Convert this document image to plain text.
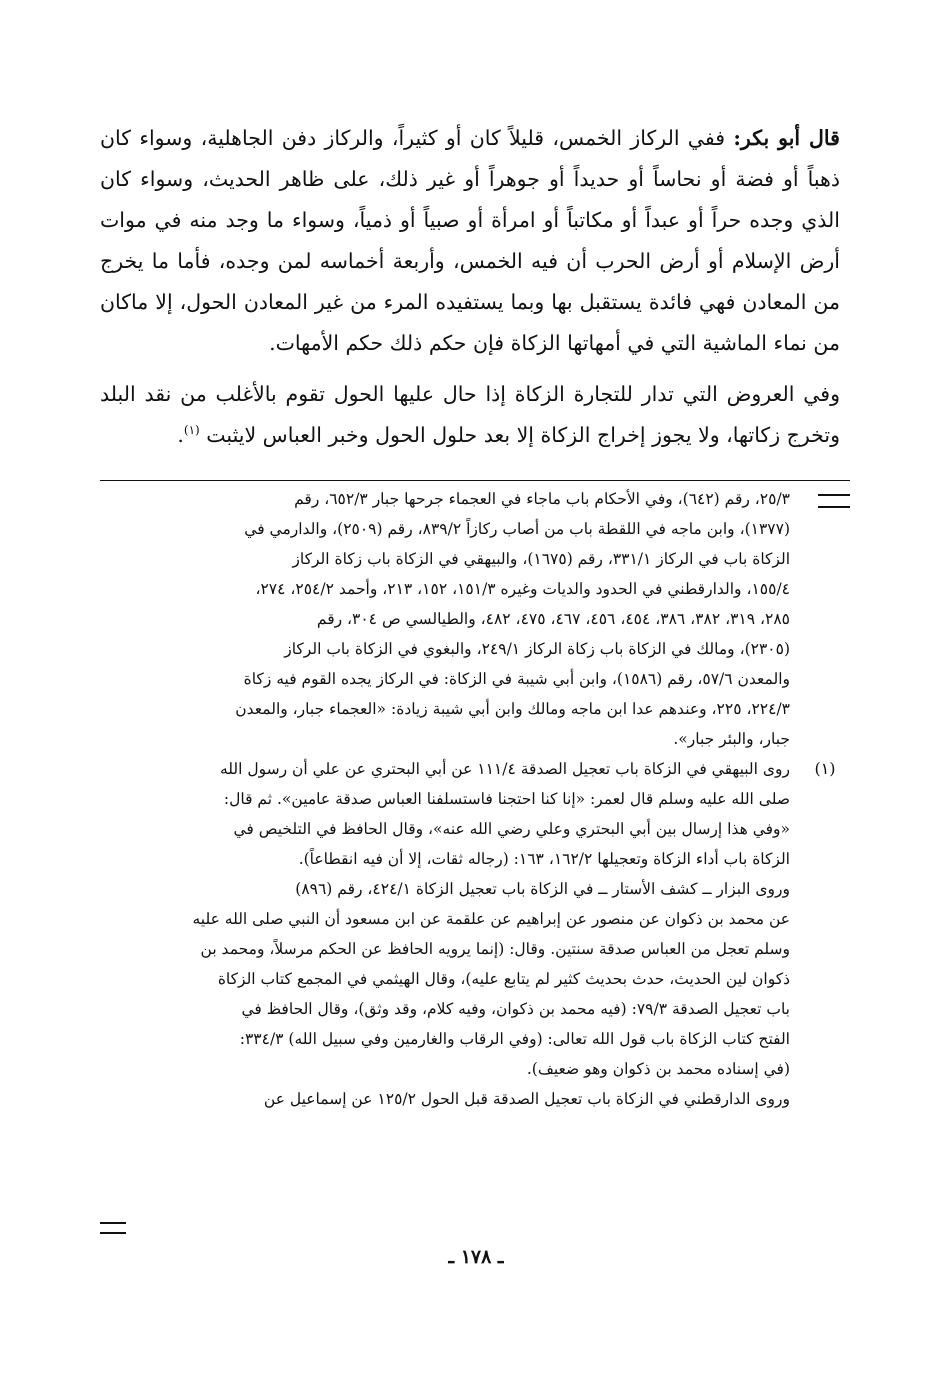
قال أبو بكر: ففي الركاز الخمس، قليلاً كان أو كثيراً، والركاز دفن الجاهلية، وسواء كان ذهباً أو فضة أو نحاساً أو حديداً أو جوهراً أو غير ذلك، على ظاهر الحديث، وسواء كان الذي وجده حراً أو عبداً أو مكاتباً أو امرأة أو صبياً أو ذمياً، وسواء ما وجد منه في موات أرض الإسلام أو أرض الحرب أن فيه الخمس، وأربعة أخماسه لمن وجده، فأما ما يخرج من المعادن فهي فائدة يستقبل بها وبما يستفيده المرء من غير المعادن الحول، إلا ماكان من نماء الماشية التي في أمهاتها الزكاة فإن حكم ذلك حكم الأمهات.

وفي العروض التي تدار للتجارة الزكاة إذا حال عليها الحول تقوم بالأغلب من نقد البلد وتخرج زكاتها، ولا يجوز إخراج الزكاة إلا بعد حلول الحول وخبر العباس لايثبت $^{(١)}$.

٢٥/٣، رقم (٦٤٢)، وفي الأحكام باب ماجاء في العجماء جرحها جبار ٦٥٢/٣، رقم
(١٣٧٧)، وابن ماجه في اللقطة باب من أصاب ركازاً ٨٣٩/٢، رقم (٢٥٠٩)، والدارمي في
الزكاة باب في الركاز ٣٣١/١، رقم (١٦٧٥)، والبيهقي في الزكاة باب زكاة الركاز
١٥٥/٤، والدارقطني في الحدود والديات وغيره ١٥١/٣، ١٥٢، ٢١٣، وأحمد ٢٥٤/٢، ٢٧٤،
٢٨٥، ٣١٩، ٣٨٢، ٣٨٦، ٤٥٤، ٤٥٦، ٤٦٧، ٤٧٥، ٤٨٢، والطيالسي ص ٣٠٤، رقم
(٢٣٠٥)، ومالك في الزكاة باب زكاة الركاز ٢٤٩/١، والبغوي في الزكاة باب الركاز
والمعدن ٥٧/٦، رقم (١٥٨٦)، وابن أبي شيبة في الزكاة: في الركاز يجده القوم فيه زكاة
٢٢٤/٣، ٢٢٥، وعندهم عدا ابن ماجه ومالك وابن أبي شيبة زيادة: «العجماء جبار، والمعدن
جبار، والبئر جبار».
(١)
روى البيهقي في الزكاة باب تعجيل الصدقة ١١١/٤ عن أبي البحتري عن علي أن رسول الله
صلى الله عليه وسلم قال لعمر: «إنا كنا احتجنا فاستسلفنا العباس صدقة عامين». ثم قال:
«وفي هذا إرسال بين أبي البحتري وعلي رضي الله عنه»، وقال الحافظ في التلخيص في
الزكاة باب أداء الزكاة وتعجيلها ١٦٢/٢، ١٦٣: (رجاله ثقات، إلا أن فيه انقطاعاً).
وروى البزار ــ كشف الأستار ــ في الزكاة باب تعجيل الزكاة ٤٢٤/١، رقم (٨٩٦)
عن محمد بن ذكوان عن منصور عن إبراهيم عن علقمة عن ابن مسعود أن النبي صلى الله عليه
وسلم تعجل من العباس صدقة سنتين. وقال: (إنما يرويه الحافظ عن الحكم مرسلاً، ومحمد بن
ذكوان لين الحديث، حدث بحديث كثير لم يتابع عليه)، وقال الهيثمي في المجمع كتاب الزكاة
باب تعجيل الصدقة ٧٩/٣: (فيه محمد بن ذكوان، وفيه كلام، وقد وثق)، وقال الحافظ في
الفتح كتاب الزكاة باب قول الله تعالى: (وفي الرقاب والغارمين وفي سبيل الله) ٣٣٤/٣:
(في إسناده محمد بن ذكوان وهو ضعيف).
وروى الدارقطني في الزكاة باب تعجيل الصدقة قبل الحول ١٢٥/٢ عن إسماعيل عن
ـ ١٧٨ ـ
